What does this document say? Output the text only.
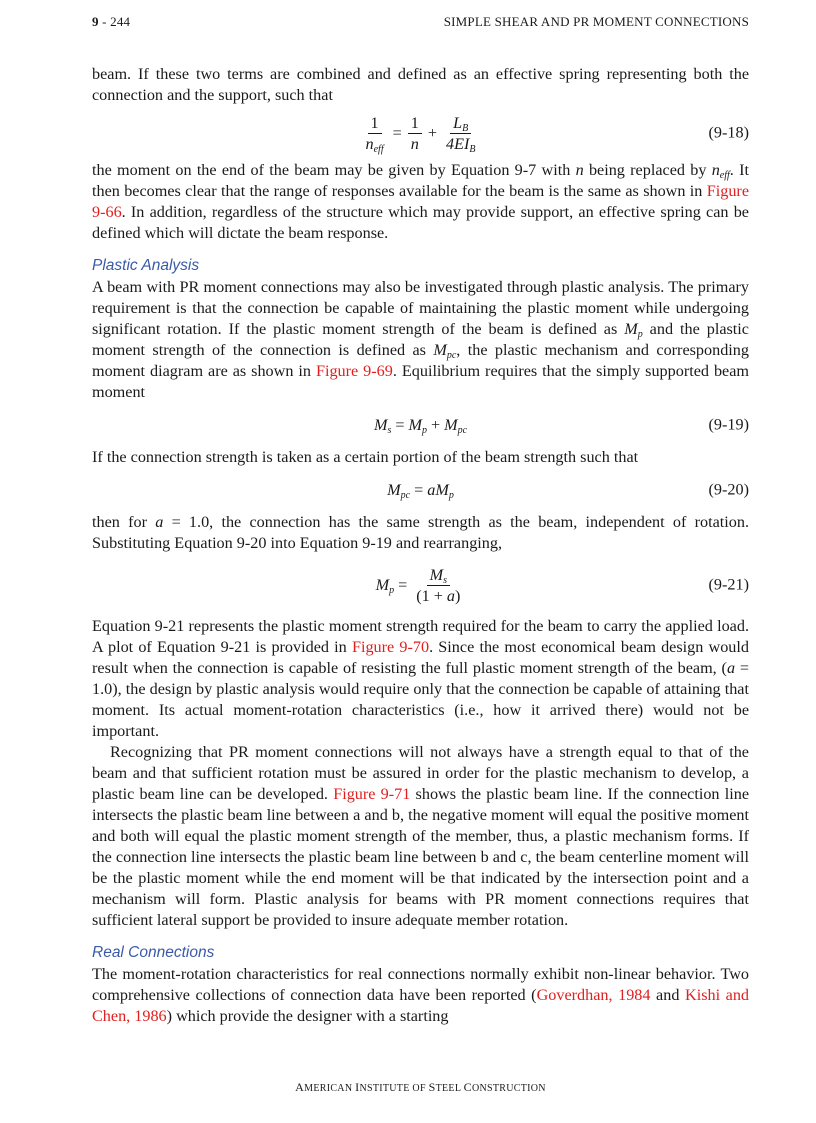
9 - 244	SIMPLE SHEAR AND PR MOMENT CONNECTIONS

beam. If these two terms are combined and defined as an effective spring representing both the connection and the support, such that

$\frac{1}{n_{eff}} = \frac{1}{n} + \frac{L_B}{4EI_B}$	(9-18)

the moment on the end of the beam may be given by Equation 9-7 with n being replaced by $n_{eff}$. It then becomes clear that the range of responses available for the beam is the same as shown in Figure 9-66. In addition, regardless of the structure which may provide support, an effective spring can be defined which will dictate the beam response.

Plastic Analysis

A beam with PR moment connections may also be investigated through plastic analysis. The primary requirement is that the connection be capable of maintaining the plastic moment while undergoing significant rotation. If the plastic moment strength of the beam is defined as $M_p$ and the plastic moment strength of the connection is defined as $M_{pc}$, the plastic mechanism and corresponding moment diagram are as shown in Figure 9-69. Equilibrium requires that the simply supported beam moment

$M_s = M_p + M_{pc}$	(9-19)

If the connection strength is taken as a certain portion of the beam strength such that

$M_{pc} = aM_p$	(9-20)

then for a = 1.0, the connection has the same strength as the beam, independent of rotation. Substituting Equation 9-20 into Equation 9-19 and rearranging,

$M_p = \frac{M_s}{(1 + a)}$	(9-21)

Equation 9-21 represents the plastic moment strength required for the beam to carry the applied load. A plot of Equation 9-21 is provided in Figure 9-70. Since the most economical beam design would result when the connection is capable of resisting the full plastic moment strength of the beam, (a = 1.0), the design by plastic analysis would require only that the connection be capable of attaining that moment. Its actual moment-rotation characteristics (i.e., how it arrived there) would not be important.

Recognizing that PR moment connections will not always have a strength equal to that of the beam and that sufficient rotation must be assured in order for the plastic mechanism to develop, a plastic beam line can be developed. Figure 9-71 shows the plastic beam line. If the connection line intersects the plastic beam line between a and b, the negative moment will equal the positive moment and both will equal the plastic moment strength of the member, thus, a plastic mechanism forms. If the connection line intersects the plastic beam line between b and c, the beam centerline moment will be the plastic moment while the end moment will be that indicated by the intersection point and a mechanism will form. Plastic analysis for beams with PR moment connections requires that sufficient lateral support be provided to insure adequate member rotation.

Real Connections

The moment-rotation characteristics for real connections normally exhibit non-linear behavior. Two comprehensive collections of connection data have been reported (Goverdhan, 1984 and Kishi and Chen, 1986) which provide the designer with a starting

AMERICAN INSTITUTE OF STEEL CONSTRUCTION
